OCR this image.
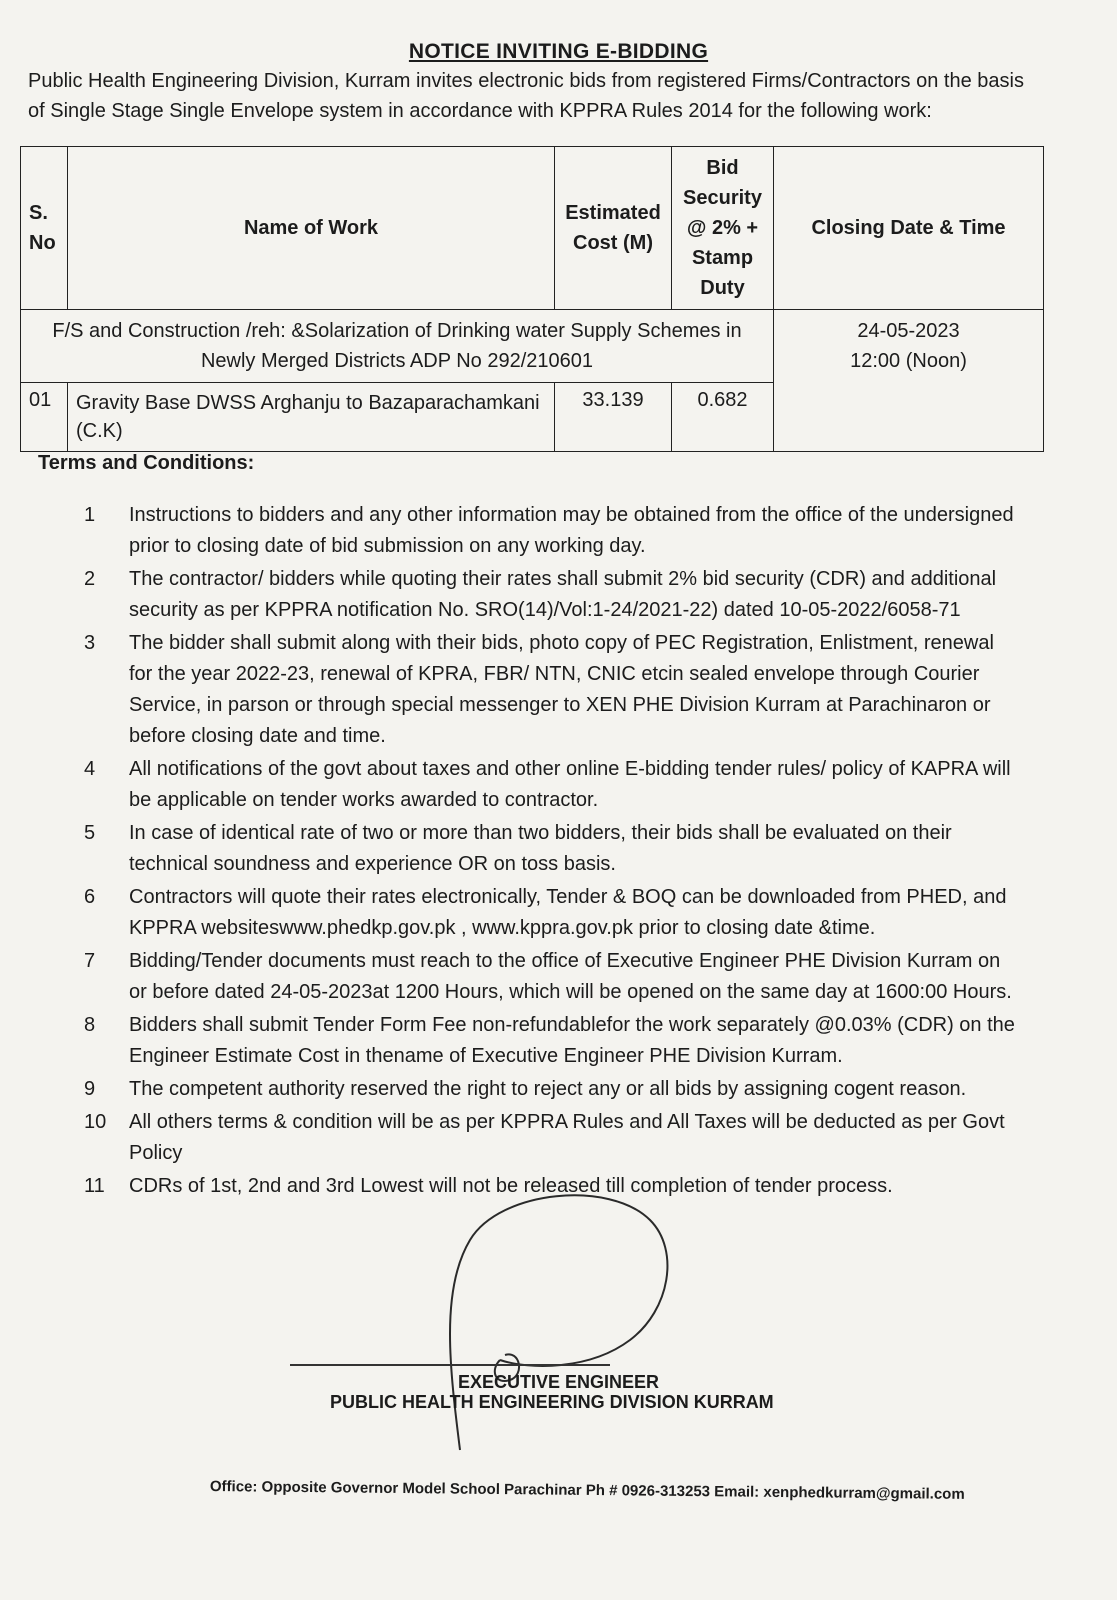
NOTICE INVITING E-BIDDING
Public Health Engineering Division, Kurram invites electronic bids from registered Firms/Contractors on the basis of Single Stage Single Envelope system in accordance with KPPRA Rules 2014 for the following work:
S. No	Name of Work	Estimated Cost (M)	Bid Security @ 2% + Stamp Duty	Closing Date & Time
F/S and Construction /reh: &Solarization of Drinking water Supply Schemes in Newly Merged Districts ADP No 292/210601				24-05-2023
12:00 (Noon)

01	Gravity Base DWSS Arghanju to Bazaparachamkani (C.K)	33.139	0.682	
Terms and Conditions:
1	Instructions to bidders and any other information may be obtained from the office of the undersigned prior to closing date of bid submission on any working day.
2	The contractor/ bidders while quoting their rates shall submit 2% bid security (CDR) and additional security as per KPPRA notification No. SRO(14)/Vol:1-24/2021-22) dated 10-05-2022/6058-71
3	The bidder shall submit along with their bids, photo copy of PEC Registration, Enlistment, renewal for the year 2022-23, renewal of KPRA, FBR/ NTN, CNIC etcin sealed envelope through Courier Service, in parson or through special messenger to XEN PHE Division Kurram at Parachinaron or before closing date and time.
4	All notifications of the govt about taxes and other online E-bidding tender rules/ policy of KAPRA will be applicable on tender works awarded to contractor.
5	In case of identical rate of two or more than two bidders, their bids shall be evaluated on their technical soundness and experience OR on toss basis.
6	Contractors will quote their rates electronically, Tender & BOQ can be downloaded from PHED, and KPPRA websiteswww.phedkp.gov.pk , www.kppra.gov.pk prior to closing date &time.
7	Bidding/Tender documents must reach to the office of Executive Engineer PHE Division Kurram on or before dated 24-05-2023at 1200 Hours, which will be opened on the same day at 1600:00 Hours.
8	Bidders shall submit Tender Form Fee non-refundablefor the work separately @0.03% (CDR) on the Engineer Estimate Cost in thename of Executive Engineer PHE Division Kurram.
9	The competent authority reserved the right to reject any or all bids by assigning cogent reason.
10	All others terms & condition will be as per KPPRA Rules and All Taxes will be deducted as per Govt Policy
11	CDRs of 1st, 2nd and 3rd Lowest will not be released till completion of tender process.
EXECUTIVE ENGINEER
PUBLIC HEALTH ENGINEERING DIVISION KURRAM
Office: Opposite Governor Model School Parachinar Ph # 0926-313253 Email: xenphedkurram@gmail.com
